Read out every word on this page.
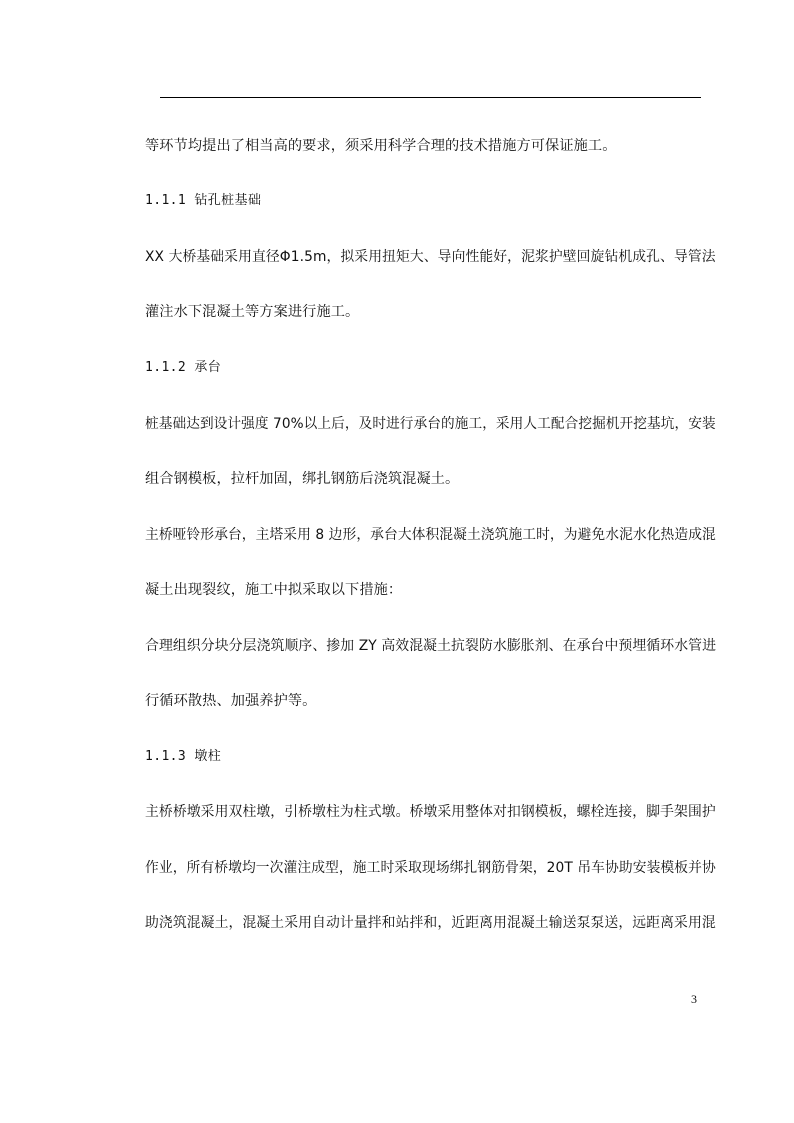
等环节均提出了相当高的要求，须采用科学合理的技术措施方可保证施工。
1.1.1 钻孔桩基础
XX 大桥基础采用直径Φ1.5m，拟采用扭矩大、导向性能好，泥浆护壁回旋钻机成孔、导管法
灌注水下混凝土等方案进行施工。
1.1.2 承台
桩基础达到设计强度 70%以上后，及时进行承台的施工，采用人工配合挖掘机开挖基坑，安装
组合钢模板，拉杆加固，绑扎钢筋后浇筑混凝土。
主桥哑铃形承台，主塔采用 8 边形，承台大体积混凝土浇筑施工时，为避免水泥水化热造成混
凝土出现裂纹，施工中拟采取以下措施：
合理组织分块分层浇筑顺序、掺加 ZY 高效混凝土抗裂防水膨胀剂、在承台中预埋循环水管进
行循环散热、加强养护等。
1.1.3 墩柱
主桥桥墩采用双柱墩，引桥墩柱为柱式墩。桥墩采用整体对扣钢模板，螺栓连接，脚手架围护
作业，所有桥墩均一次灌注成型，施工时采取现场绑扎钢筋骨架，20T 吊车协助安装模板并协
助浇筑混凝土，混凝土采用自动计量拌和站拌和，近距离用混凝土输送泵泵送，远距离采用混
3
